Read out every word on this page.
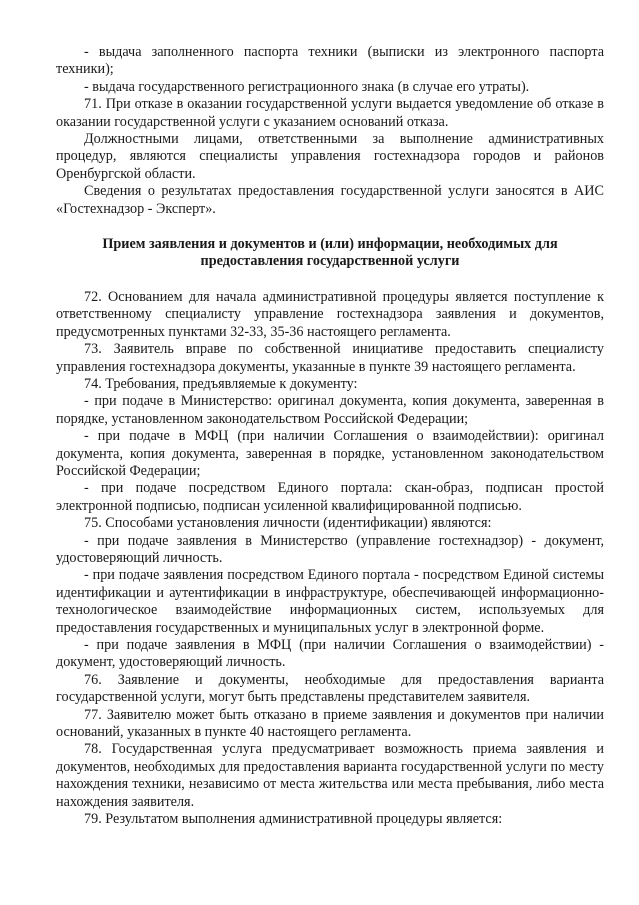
- выдача заполненного паспорта техники (выписки из электронного паспорта техники);

- выдача государственного регистрационного знака (в случае его утраты).

71. При отказе в оказании государственной услуги выдается уведомление об отказе в оказании государственной услуги с указанием оснований отказа.

Должностными лицами, ответственными за выполнение административных процедур, являются специалисты управления гостехнадзора городов и районов Оренбургской области.

Сведения о результатах предоставления государственной услуги заносятся в АИС «Гостехнадзор - Эксперт».

Прием заявления и документов и (или) информации, необходимых для предоставления государственной услуги

72. Основанием для начала административной процедуры является поступление к ответственному специалисту управление гостехнадзора заявления и документов, предусмотренных пунктами 32-33, 35-36 настоящего регламента.

73. Заявитель вправе по собственной инициативе предоставить специалисту управления гостехнадзора документы, указанные в пункте 39 настоящего регламента.

74. Требования, предъявляемые к документу:

- при подаче в Министерство: оригинал документа, копия документа, заверенная в порядке, установленном законодательством Российской Федерации;

- при подаче в МФЦ (при наличии Соглашения о взаимодействии): оригинал документа, копия документа, заверенная в порядке, установленном законодательством Российской Федерации;

- при подаче посредством Единого портала: скан-образ, подписан простой электронной подписью, подписан усиленной квалифицированной подписью.

75. Способами установления личности (идентификации) являются:

- при подаче заявления в Министерство (управление гостехнадзор) - документ, удостоверяющий личность.

- при подаче заявления посредством Единого портала - посредством Единой системы идентификации и аутентификации в инфраструктуре, обеспечивающей информационно-технологическое взаимодействие информационных систем, используемых для предоставления государственных и муниципальных услуг в электронной форме.

- при подаче заявления в МФЦ (при наличии Соглашения о взаимодействии) - документ, удостоверяющий личность.

76. Заявление и документы, необходимые для предоставления варианта государственной услуги, могут быть представлены представителем заявителя.

77. Заявителю может быть отказано в приеме заявления и документов при наличии оснований, указанных в пункте 40 настоящего регламента.

78. Государственная услуга предусматривает возможность приема заявления и документов, необходимых для предоставления варианта государственной услуги по месту нахождения техники, независимо от места жительства или места пребывания, либо места нахождения заявителя.

79. Результатом выполнения административной процедуры является:
